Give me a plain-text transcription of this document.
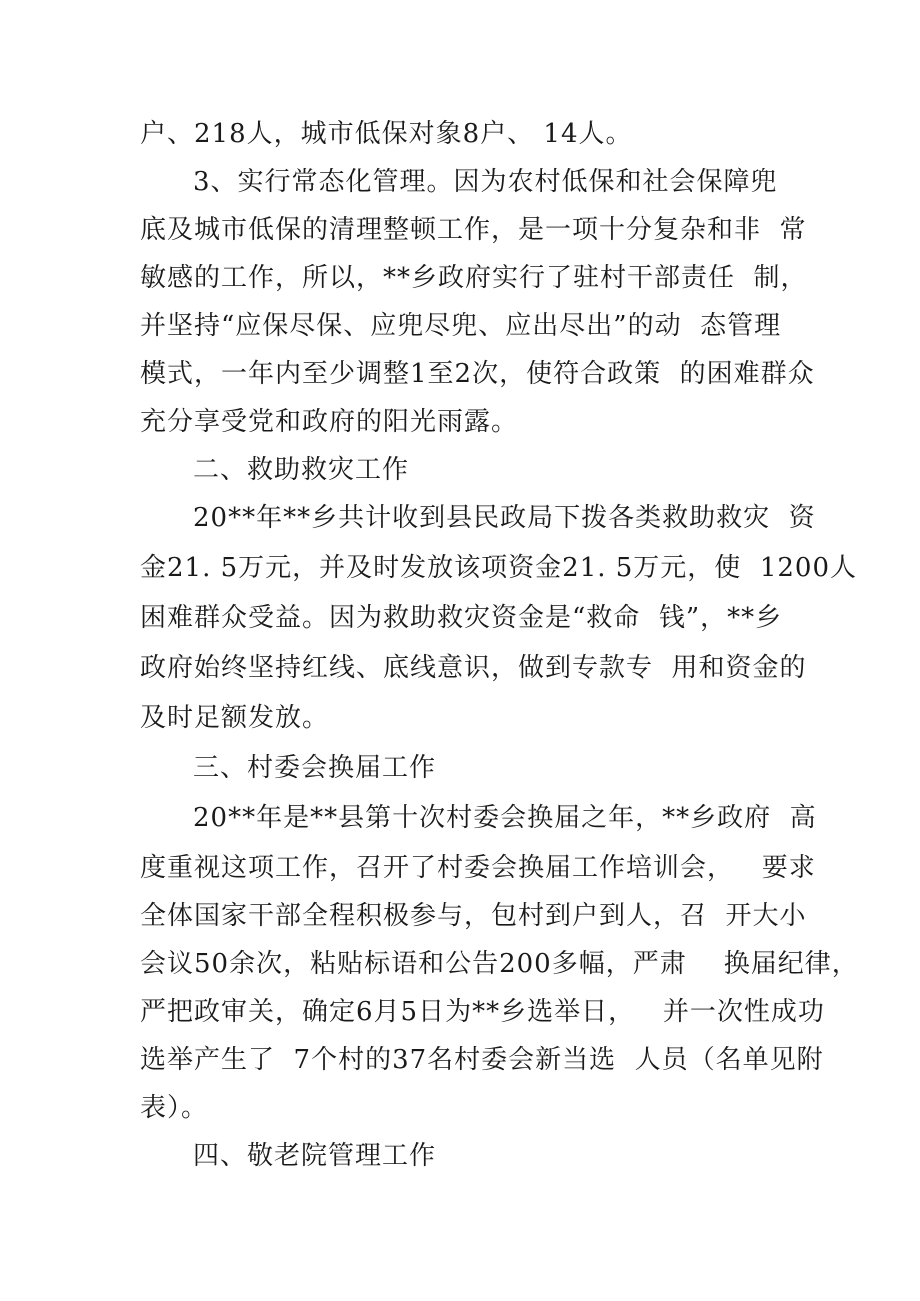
户、218人，城市低保对象8户、 14人。
3、实行常态化管理。因为农村低保和社会保障兜
底及城市低保的清理整顿工作，是一项十分复杂和非  常
敏感的工作，所以，**乡政府实行了驻村干部责任  制，
并坚持“应保尽保、应兜尽兜、应出尽出”的动  态管理
模式，一年内至少调整1至2次，使符合政策  的困难群众
充分享受党和政府的阳光雨露。
二、救助救灾工作
20**年**乡共计收到县民政局下拨各类救助救灾  资
金21. 5万元，并及时发放该项资金21. 5万元，使  1200人
困难群众受益。因为救助救灾资金是“救命  钱”，**乡
政府始终坚持红线、底线意识，做到专款专  用和资金的
及时足额发放。
三、村委会换届工作
20**年是**县第十次村委会换届之年，**乡政府  高
度重视这项工作，召开了村委会换届工作培训会，   要求
全体国家干部全程积极参与，包村到户到人，召  开大小
会议50余次，粘贴标语和公告200多幅，严肃    换届纪律，
严把政审关，确定6月5日为**乡选举日，   并一次性成功
选举产生了  7个村的37名村委会新当选  人员（名单见附
表）。
四、敬老院管理工作
